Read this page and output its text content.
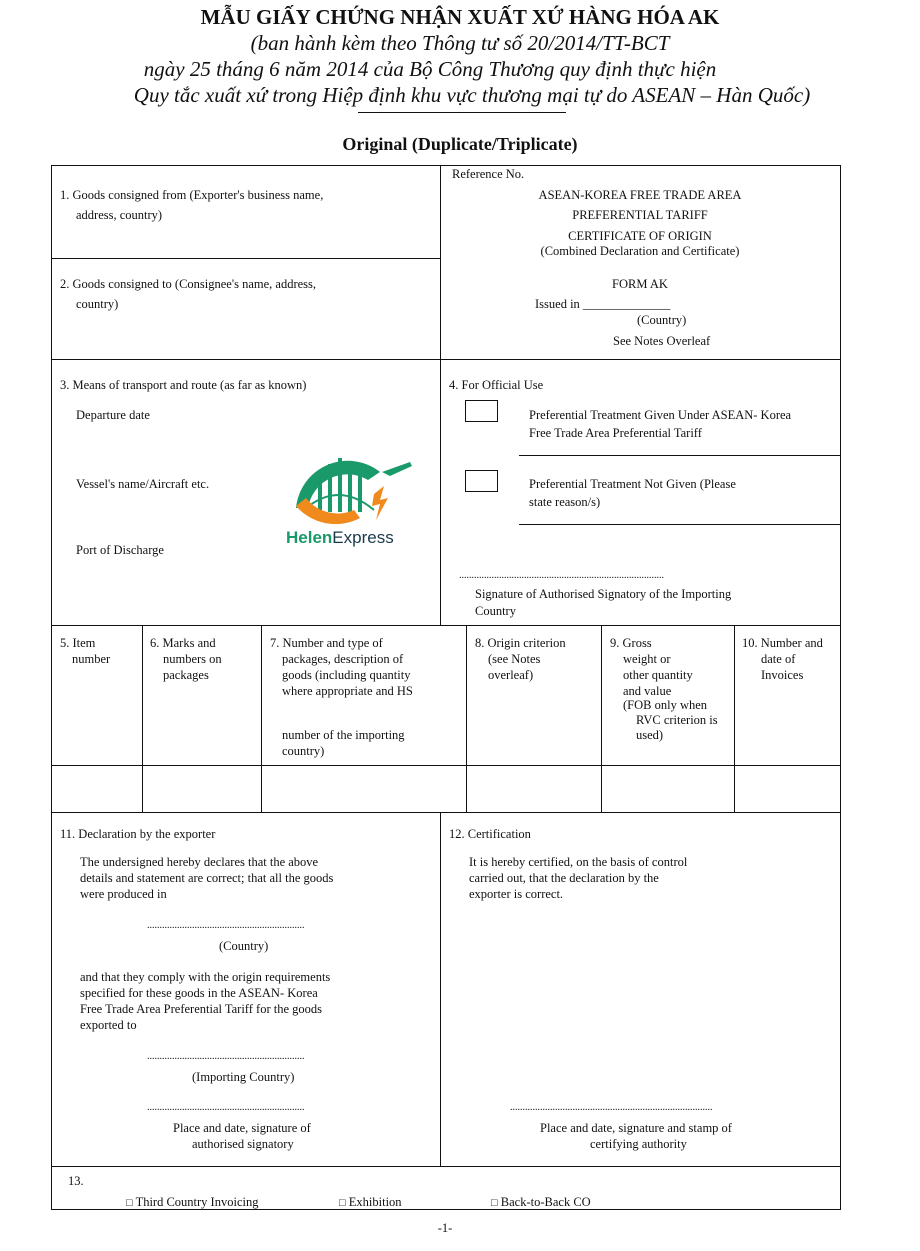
MẪU GIẤY CHỨNG NHẬN XUẤT XỨ HÀNG HÓA AK
(ban hành kèm theo Thông tư số 20/2014/TT-BCT
ngày 25 tháng 6 năm 2014 của Bộ Công Thương quy định thực hiện
Quy tắc xuất xứ trong Hiệp định khu vực thương mại tự do ASEAN – Hàn Quốc)
Original (Duplicate/Triplicate)
1. Goods consigned from (Exporter's business name,
address, country)
2. Goods consigned to (Consignee's name, address,
country)
Reference No.
ASEAN-KOREA FREE TRADE AREA
PREFERENTIAL TARIFF
CERTIFICATE OF ORIGIN
(Combined Declaration and Certificate)
FORM AK
Issued in ______________
(Country)
See Notes Overleaf
3. Means of transport and route (as far as known)
Departure date
Vessel's name/Aircraft etc.
Port of Discharge
HelenExpress
4. For Official Use
Preferential Treatment Given Under ASEAN- Korea
Free Trade Area Preferential Tariff
Preferential Treatment Not Given (Please
state reason/s)
..................................................................................
Signature of Authorised Signatory of the Importing
Country
5. Item
number
6. Marks and
numbers on
packages
7. Number and type of
packages, description of
goods (including quantity
where appropriate and HS
number of the importing
country)
8. Origin criterion
(see Notes
overleaf)
9. Gross
weight or
other quantity
and value
(FOB only when
RVC criterion is
used)
10. Number and
date of
Invoices
11. Declaration by the exporter
The undersigned hereby declares that the above
details and statement are correct; that all the goods
were produced in
...............................................................
(Country)
and that they comply with the origin requirements
specified for these goods in the ASEAN- Korea
Free Trade Area Preferential Tariff for the goods
exported to
...............................................................
(Importing Country)
...............................................................
Place and date, signature of
authorised signatory
12. Certification
It is hereby certified, on the basis of control
carried out, that the declaration by the
exporter is correct.
.................................................................................
Place and date, signature and stamp of
certifying authority
13.
□ Third Country Invoicing	□ Exhibition	□ Back-to-Back CO
-1-
